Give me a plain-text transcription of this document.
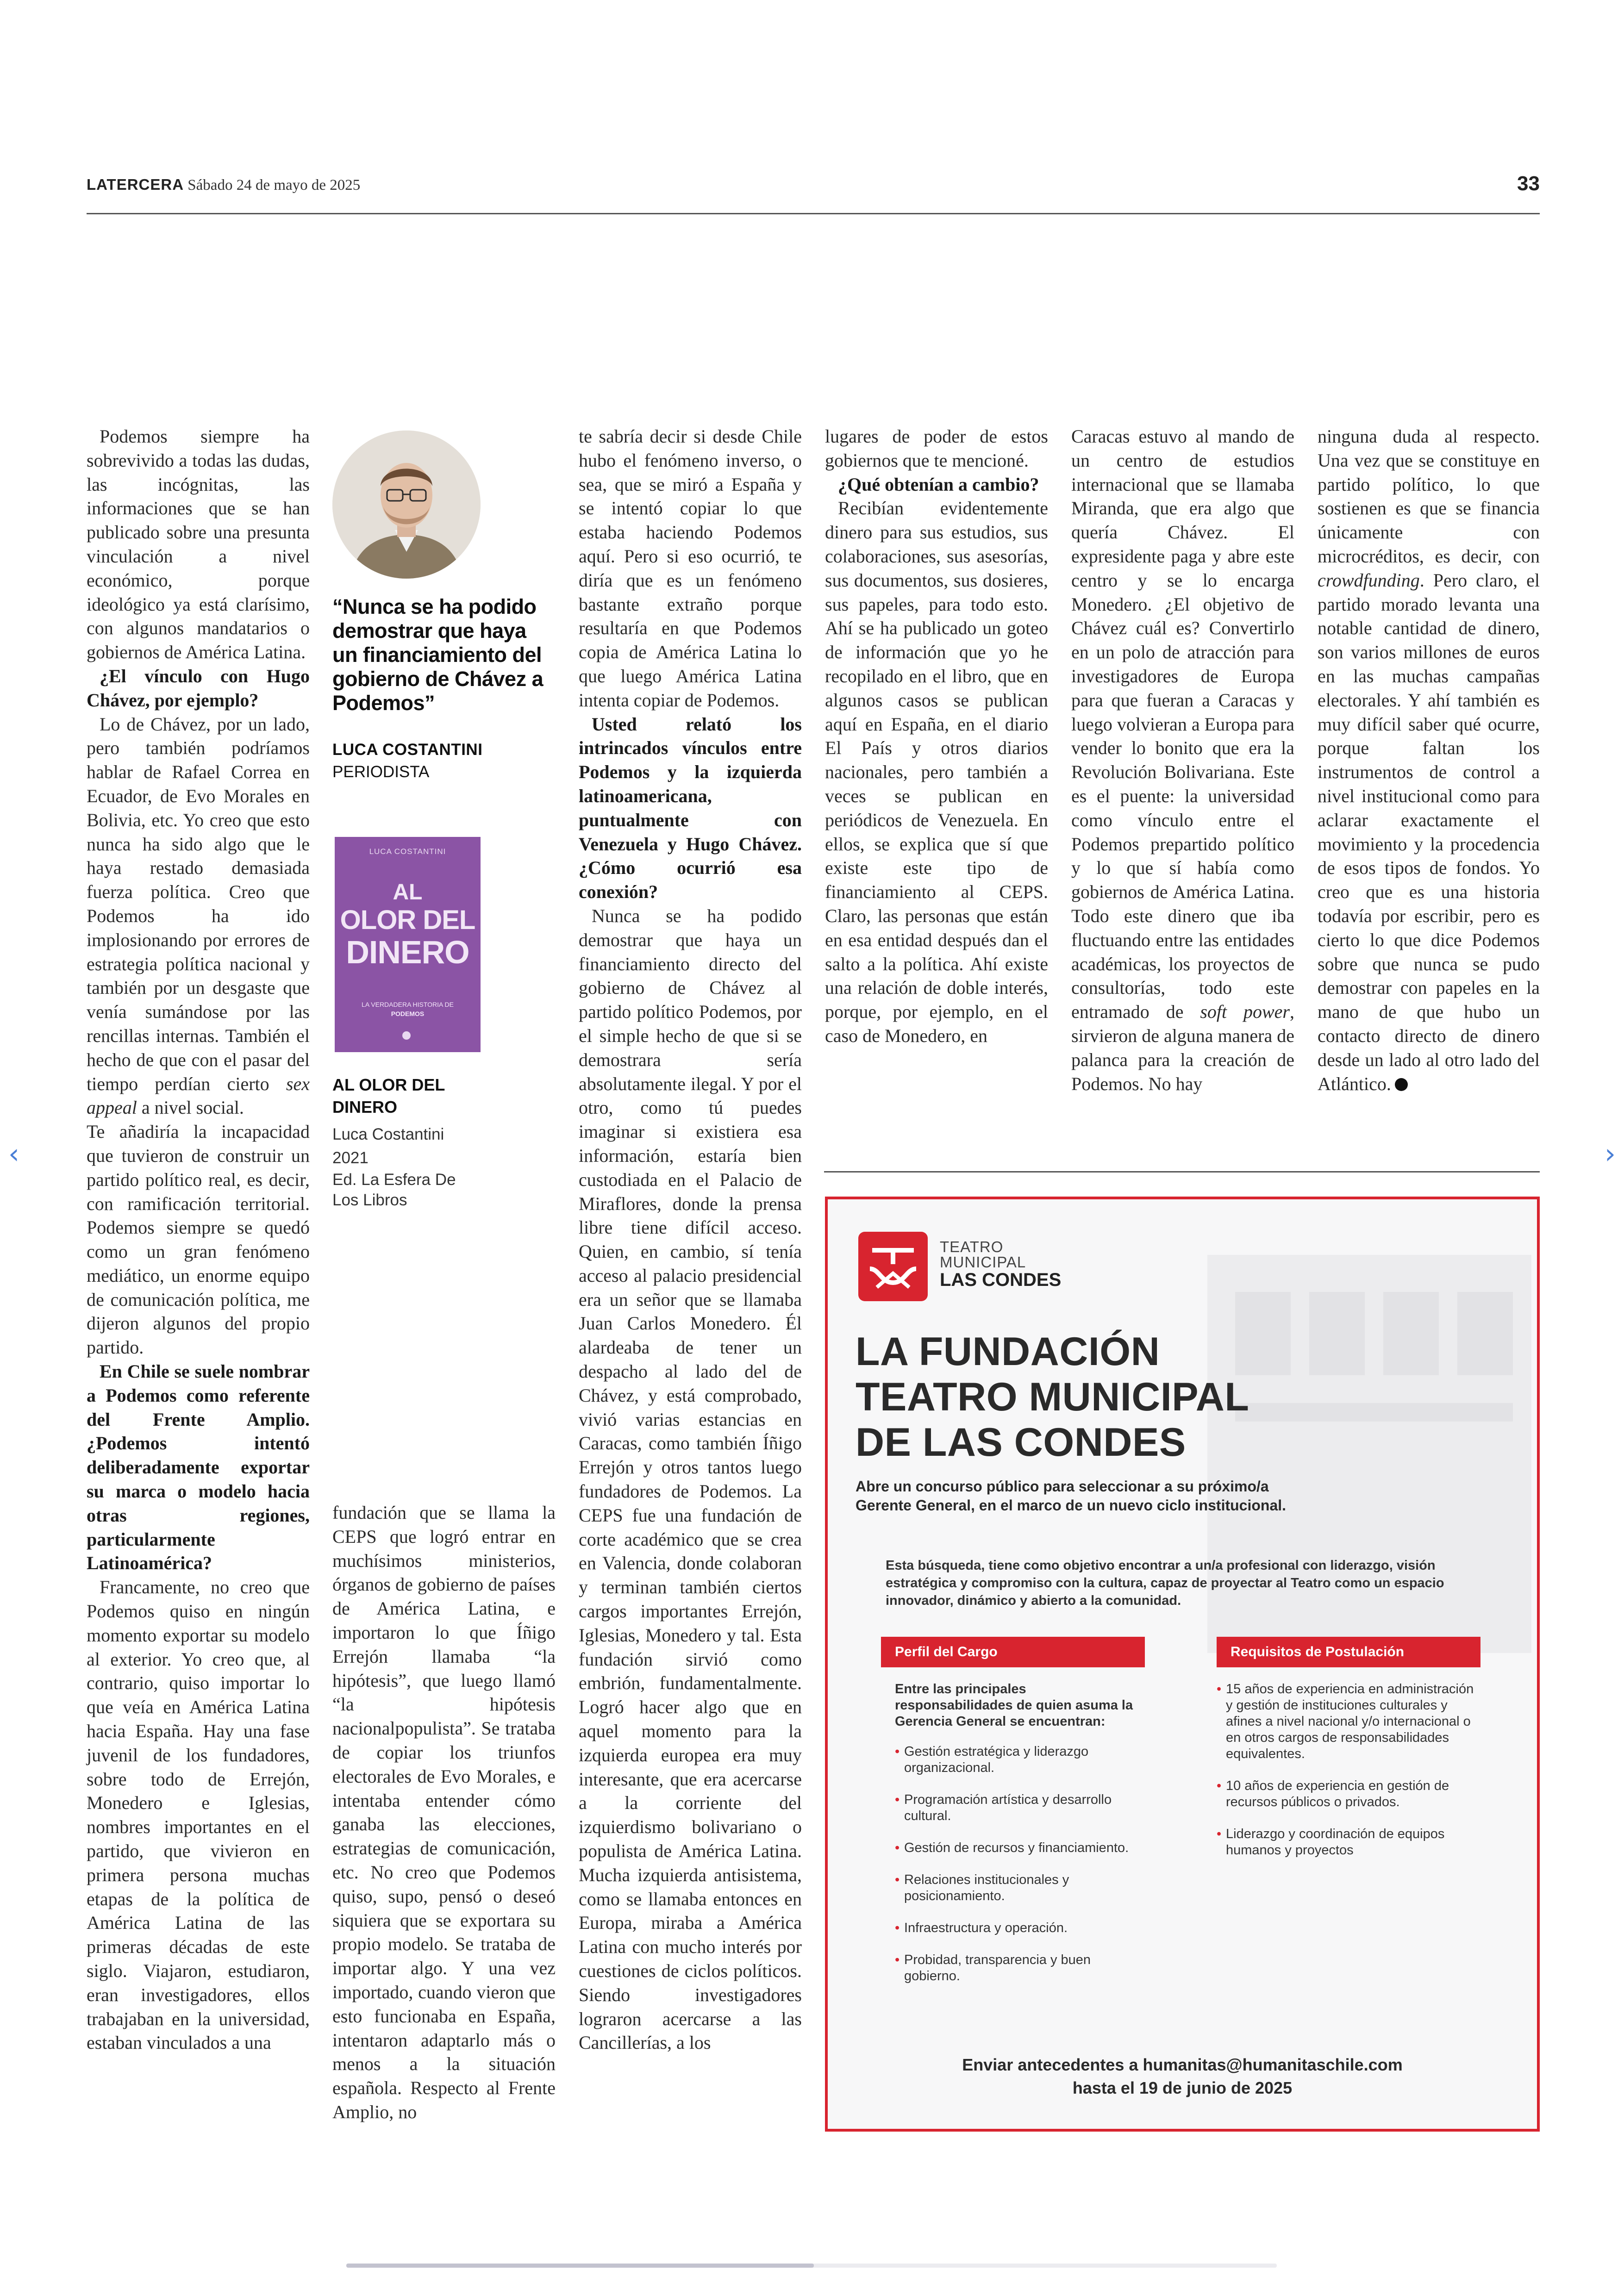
LATERCERA Sábado 24 de mayo de 2025	33

Podemos siempre ha sobrevivido a todas las dudas, las incógnitas, las informaciones que se han publicado sobre una presunta vinculación a nivel económico, porque ideológico ya está clarísimo, con algunos mandatarios o gobiernos de América Latina.

¿El vínculo con Hugo Chávez, por ejemplo?

Lo de Chávez, por un lado, pero también podríamos hablar de Rafael Correa en Ecuador, de Evo Morales en Bolivia, etc. Yo creo que esto nunca ha sido algo que le haya restado demasiada fuerza política. Creo que Podemos ha ido implosionando por errores de estrategia política nacional y también por un desgaste que venía sumándose por las rencillas internas. También el hecho de que con el pasar del tiempo perdían cierto sex appeal a nivel social.

Te añadiría la incapacidad que tuvieron de construir un partido político real, es decir, con ramificación territorial. Podemos siempre se quedó como un gran fenómeno mediático, un enorme equipo de comunicación política, me dijeron algunos del propio partido.

En Chile se suele nombrar a Podemos como referente del Frente Amplio. ¿Podemos intentó deliberadamente exportar su marca o modelo hacia otras regiones, particularmente Latinoamérica?

Francamente, no creo que Podemos quiso en ningún momento exportar su modelo al exterior. Yo creo que, al contrario, quiso importar lo que veía en América Latina hacia España. Hay una fase juvenil de los fundadores, sobre todo de Errejón, Monedero e Iglesias, nombres importantes en el partido, que vivieron en primera persona muchas etapas de la política de América Latina de las primeras décadas de este siglo. Viajaron, estudiaron, eran investigadores, ellos trabajaban en la universidad, estaban vinculados a una

“Nunca se ha podido demostrar que haya un financiamiento del gobierno de Chávez a Podemos”
LUCA COSTANTINI
PERIODISTA
LUCA COSTANTINI
AL
OLOR DEL
DINERO
LA VERDADERA HISTORIA DE
PODEMOS
AL OLOR DEL
DINERO
Luca Costantini
2021
Ed. La Esfera De
Los Libros

fundación que se llama la CEPS que logró entrar en muchísimos ministerios, órganos de gobierno de países de América Latina, e importaron lo que Íñigo Errejón llamaba “la hipótesis”, que luego llamó “la hipótesis nacionalpopulista”. Se trataba de copiar los triunfos electorales de Evo Morales, e intentaba entender cómo ganaba las elecciones, estrategias de comunicación, etc. No creo que Podemos quiso, supo, pensó o deseó siquiera que se exportara su propio modelo. Se trataba de importar algo. Y una vez importado, cuando vieron que esto funcionaba en España, intentaron adaptarlo más o menos a la situación española. Respecto al Frente Amplio, no

te sabría decir si desde Chile hubo el fenómeno inverso, o sea, que se miró a España y se intentó copiar lo que estaba haciendo Podemos aquí. Pero si eso ocurrió, te diría que es un fenómeno bastante extraño porque resultaría en que Podemos copia de América Latina lo que luego América Latina intenta copiar de Podemos.

Usted relató los intrincados vínculos entre Podemos y la izquierda latinoamericana, puntualmente con Venezuela y Hugo Chávez. ¿Cómo ocurrió esa conexión?

Nunca se ha podido demostrar que haya un financiamiento directo del gobierno de Chávez al partido político Podemos, por el simple hecho de que si se demostrara sería absolutamente ilegal. Y por el otro, como tú puedes imaginar si existiera esa información, estaría bien custodiada en el Palacio de Miraflores, donde la prensa libre tiene difícil acceso. Quien, en cambio, sí tenía acceso al palacio presidencial era un señor que se llamaba Juan Carlos Monedero. Él alardeaba de tener un despacho al lado del de Chávez, y está comprobado, vivió varias estancias en Caracas, como también Íñigo Errejón y otros tantos luego fundadores de Podemos. La CEPS fue una fundación de corte académico que se crea en Valencia, donde colaboran y terminan también ciertos cargos importantes Errejón, Iglesias, Monedero y tal. Esta fundación sirvió como embrión, fundamentalmente. Logró hacer algo que en aquel momento para la izquierda europea era muy interesante, que era acercarse a la corriente del izquierdismo bolivariano o populista de América Latina. Mucha izquierda antisistema, como se llamaba entonces en Europa, miraba a América Latina con mucho interés por cuestiones de ciclos políticos. Siendo investigadores lograron acercarse a las Cancillerías, a los

lugares de poder de estos gobiernos que te mencioné.

¿Qué obtenían a cambio?

Recibían evidentemente dinero para sus estudios, sus colaboraciones, sus asesorías, sus documentos, sus dosieres, sus papeles, para todo esto. Ahí se ha publicado un goteo de información que yo he recopilado en el libro, que en algunos casos se publican aquí en España, en el diario El País y otros diarios nacionales, pero también a veces se publican en periódicos de Venezuela. En ellos, se explica que sí que existe este tipo de financiamiento al CEPS. Claro, las personas que están en esa entidad después dan el salto a la política. Ahí existe una relación de doble interés, porque, por ejemplo, en el caso de Monedero, en

Caracas estuvo al mando de un centro de estudios internacional que se llamaba Miranda, que era algo que quería Chávez. El expresidente paga y abre este centro y se lo encarga Monedero. ¿El objetivo de Chávez cuál es? Convertirlo en un polo de atracción para investigadores de Europa para que fueran a Caracas y luego volvieran a Europa para vender lo bonito que era la Revolución Bolivariana. Este es el puente: la universidad como vínculo entre el Podemos prepartido político y lo que sí había como gobiernos de América Latina. Todo este dinero que iba fluctuando entre las entidades académicas, los proyectos de consultorías, todo este entramado de soft power, sirvieron de alguna manera de palanca para la creación de Podemos. No hay

ninguna duda al respecto. Una vez que se constituye en partido político, lo que sostienen es que se financia únicamente con microcréditos, es decir, con crowdfunding. Pero claro, el partido moradо levanta una notable cantidad de dinero, son varios millones de euros en las muchas campañas electorales. Y ahí también es muy difícil saber qué ocurre, porque faltan los instrumentos de control a nivel institucional como para aclarar exactamente el movimiento y la procedencia de esos tipos de fondos. Yo creo que es una historia todavía por escribir, pero es cierto lo que dice Podemos sobre que nunca se pudo demostrar con papeles en la mano de que hubo un contacto directo de dinero desde un lado al otro lado del Atlántico.

TEATRO
MUNICIPAL
LAS CONDES
LA FUNDACIÓN
TEATRO MUNICIPAL
DE LAS CONDES
Abre un concurso público para seleccionar a su próximo/a Gerente General, en el marco de un nuevo ciclo institucional.
Esta búsqueda, tiene como objetivo encontrar a un/a profesional con liderazgo, visión estratégica y compromiso con la cultura, capaz de proyectar al Teatro como un espacio innovador, dinámico y abierto a la comunidad.
Perfil del Cargo
Entre las principales responsabilidades de quien asuma la Gerencia General se encuentran:
• Gestión estratégica y liderazgo organizacional.
• Programación artística y desarrollo cultural.
• Gestión de recursos y financiamiento.
• Relaciones institucionales y posicionamiento.
• Infraestructura y operación.
• Probidad, transparencia y buen gobierno.
Requisitos de Postulación
• 15 años de experiencia en administración y gestión de instituciones culturales y afines a nivel nacional y/o internacional o en otros cargos de responsabilidades equivalentes.
• 10 años de experiencia en gestión de recursos públicos o privados.
• Liderazgo y coordinación de equipos humanos y proyectos
Enviar antecedentes a humanitas@humanitaschile.com
hasta el 19 de junio de 2025
‹	›
